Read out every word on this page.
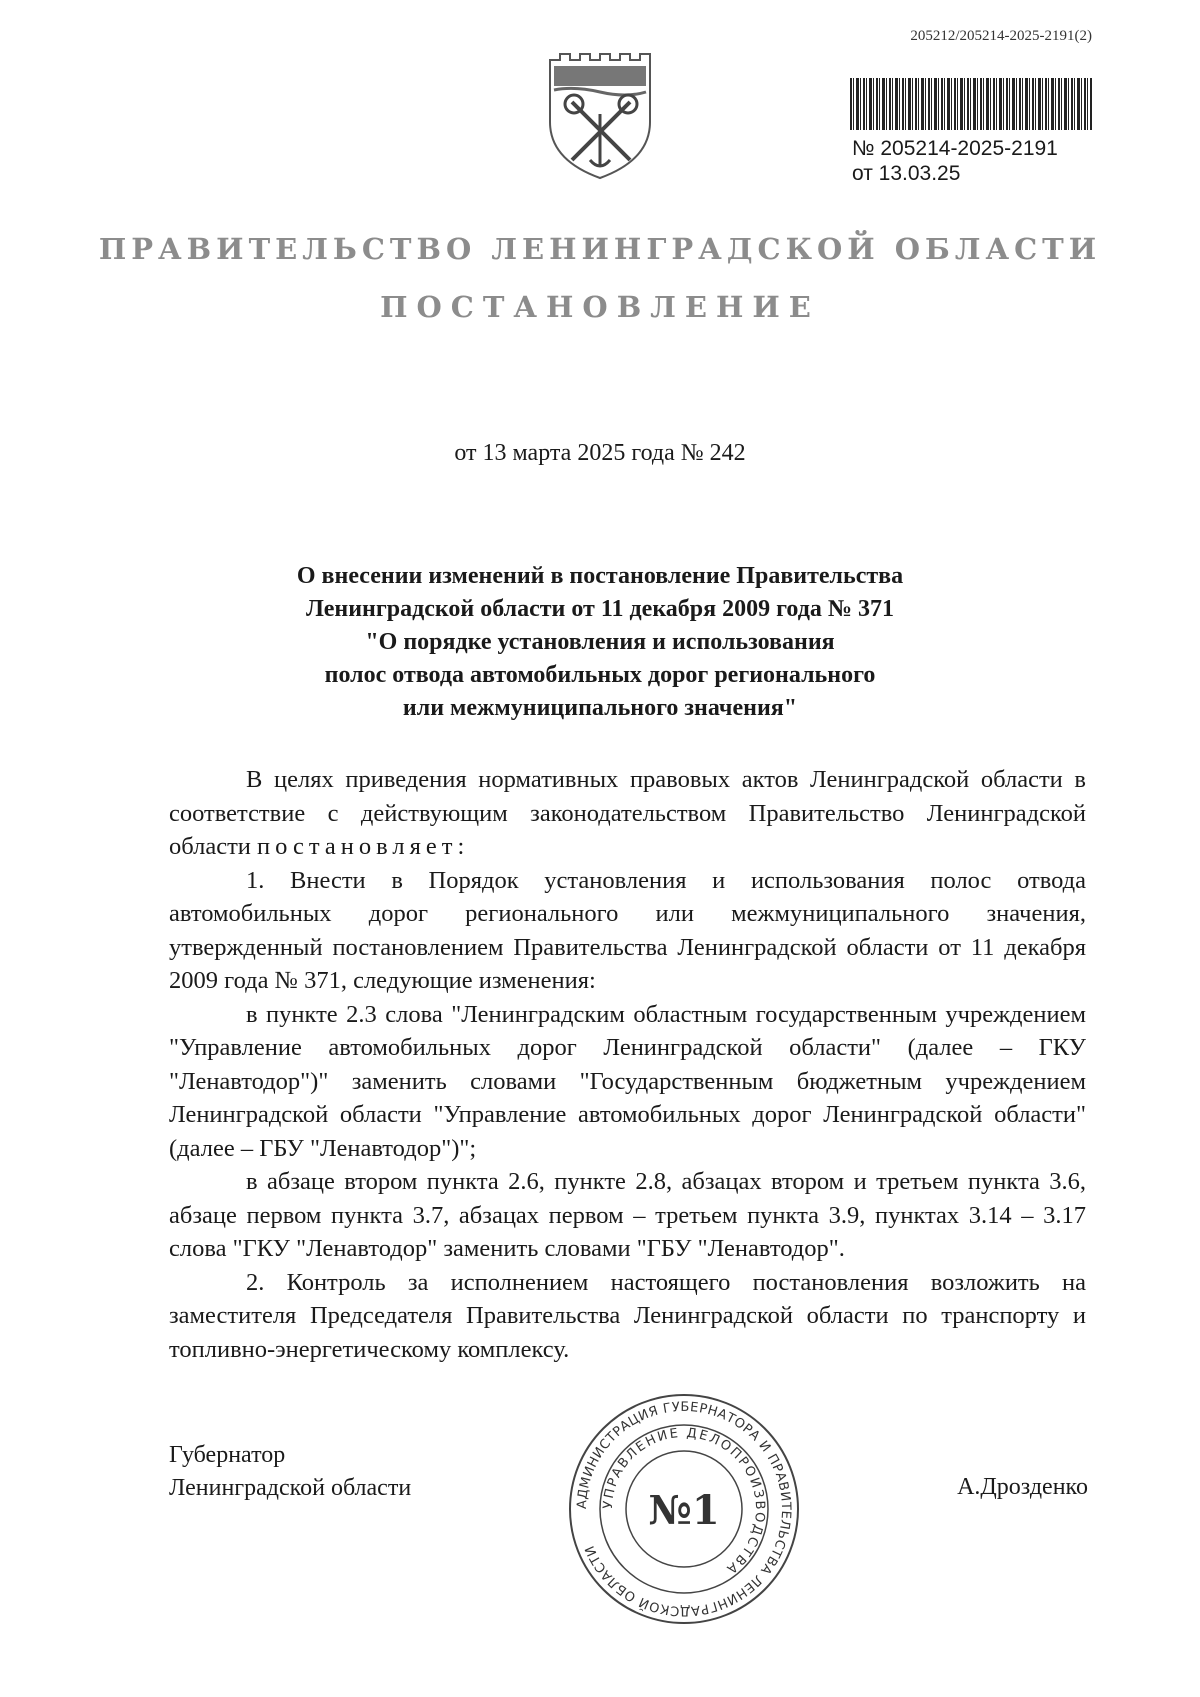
205212/205214-2025-2191(2)
№ 205214-2025-2191
от 13.03.25
ПРАВИТЕЛЬСТВО ЛЕНИНГРАДСКОЙ ОБЛАСТИ
ПОСТАНОВЛЕНИЕ
от 13 марта 2025 года № 242
О внесении изменений в постановление Правительства
Ленинградской области от 11 декабря 2009 года № 371
"О порядке установления и использования
полос отвода автомобильных дорог регионального
или межмуниципального значения"

В целях приведения нормативных правовых актов Ленинградской области в соответствие с действующим законодательством Правительство Ленинградской области постановляет:

1. Внести в Порядок установления и использования полос отвода автомобильных дорог регионального или межмуниципального значения, утвержденный постановлением Правительства Ленинградской области от 11 декабря 2009 года № 371, следующие изменения:

в пункте 2.3 слова "Ленинградским областным государственным учреждением "Управление автомобильных дорог Ленинградской области" (далее – ГКУ "Ленавтодор")" заменить словами "Государственным бюджетным учреждением Ленинградской области "Управление автомобильных дорог Ленинградской области" (далее – ГБУ "Ленавтодор")";

в абзаце втором пункта 2.6, пункте 2.8, абзацах втором и третьем пункта 3.6, абзаце первом пункта 3.7, абзацах первом – третьем пункта 3.9, пунктах 3.14 – 3.17 слова "ГКУ "Ленавтодор" заменить словами "ГБУ "Ленавтодор".

2. Контроль за исполнением настоящего постановления возложить на заместителя Председателя Правительства Ленинградской области по транспорту и топливно-энергетическому комплексу.

Губернатор
Ленинградской области	А.Дрозденко
АДМИНИСТРАЦИЯ ГУБЕРНАТОРА И ПРАВИТЕЛЬСТВА ЛЕНИНГРАДСКОЙ ОБЛАСТИ
УПРАВЛЕНИЕ ДЕЛОПРОИЗВОДСТВА
№1
